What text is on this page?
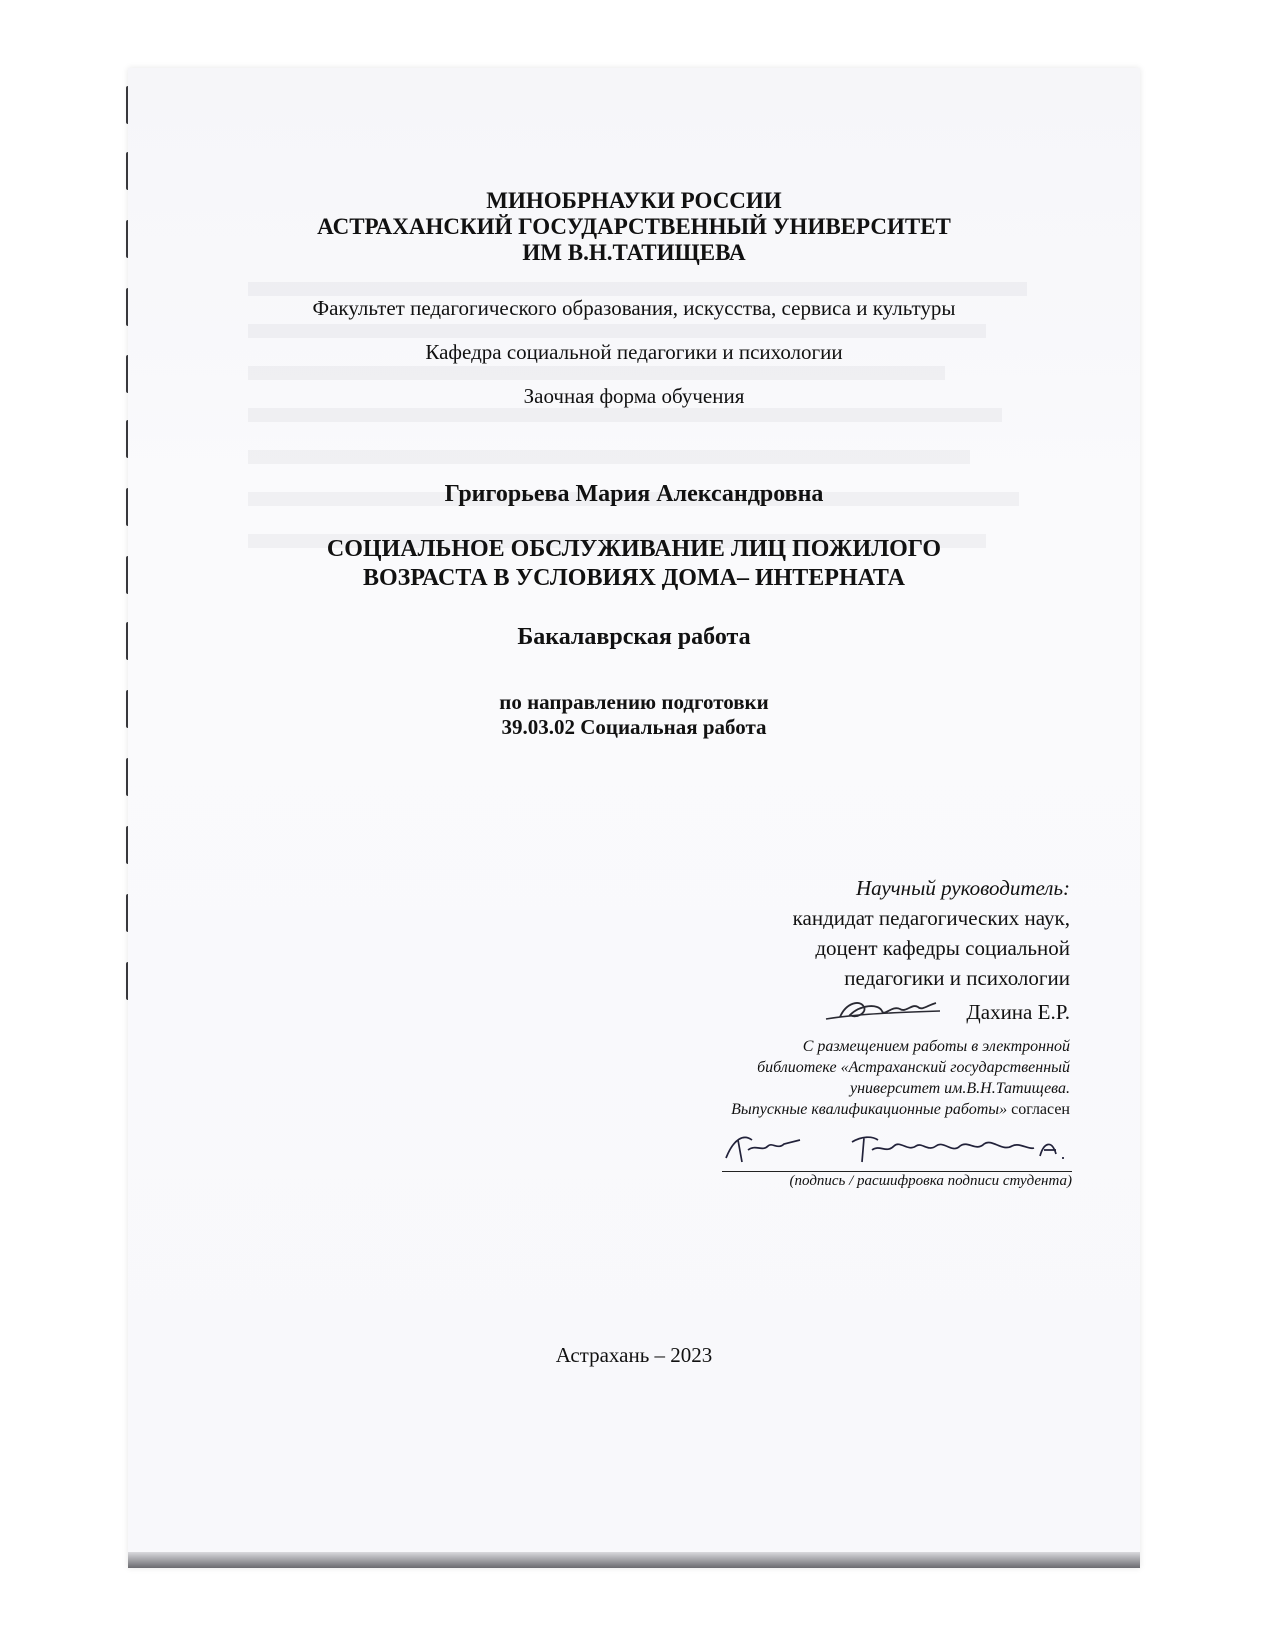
МИНОБРНАУКИ РОССИИ
АСТРАХАНСКИЙ ГОСУДАРСТВЕННЫЙ УНИВЕРСИТЕТ
ИМ В.Н.ТАТИЩЕВА
Факультет педагогического образования, искусства, сервиса и культуры
Кафедра социальной педагогики и психологии
Заочная форма обучения
Григорьева Мария Александровна
СОЦИАЛЬНОЕ ОБСЛУЖИВАНИЕ ЛИЦ ПОЖИЛОГО
ВОЗРАСТА В УСЛОВИЯХ ДОМА– ИНТЕРНАТА
Бакалаврская работа
по направлению подготовки
39.03.02 Социальная работа
Научный руководитель:
кандидат педагогических наук,
доцент кафедры социальной
педагогики и психологии
Дахина Е.Р.
С размещением работы в электронной
библиотеке «Астраханский государственный
университет им.В.Н.Татищева.
Выпускные квалификационные работы» согласен
(подпись / расшифровка подписи студента)
Астрахань – 2023
